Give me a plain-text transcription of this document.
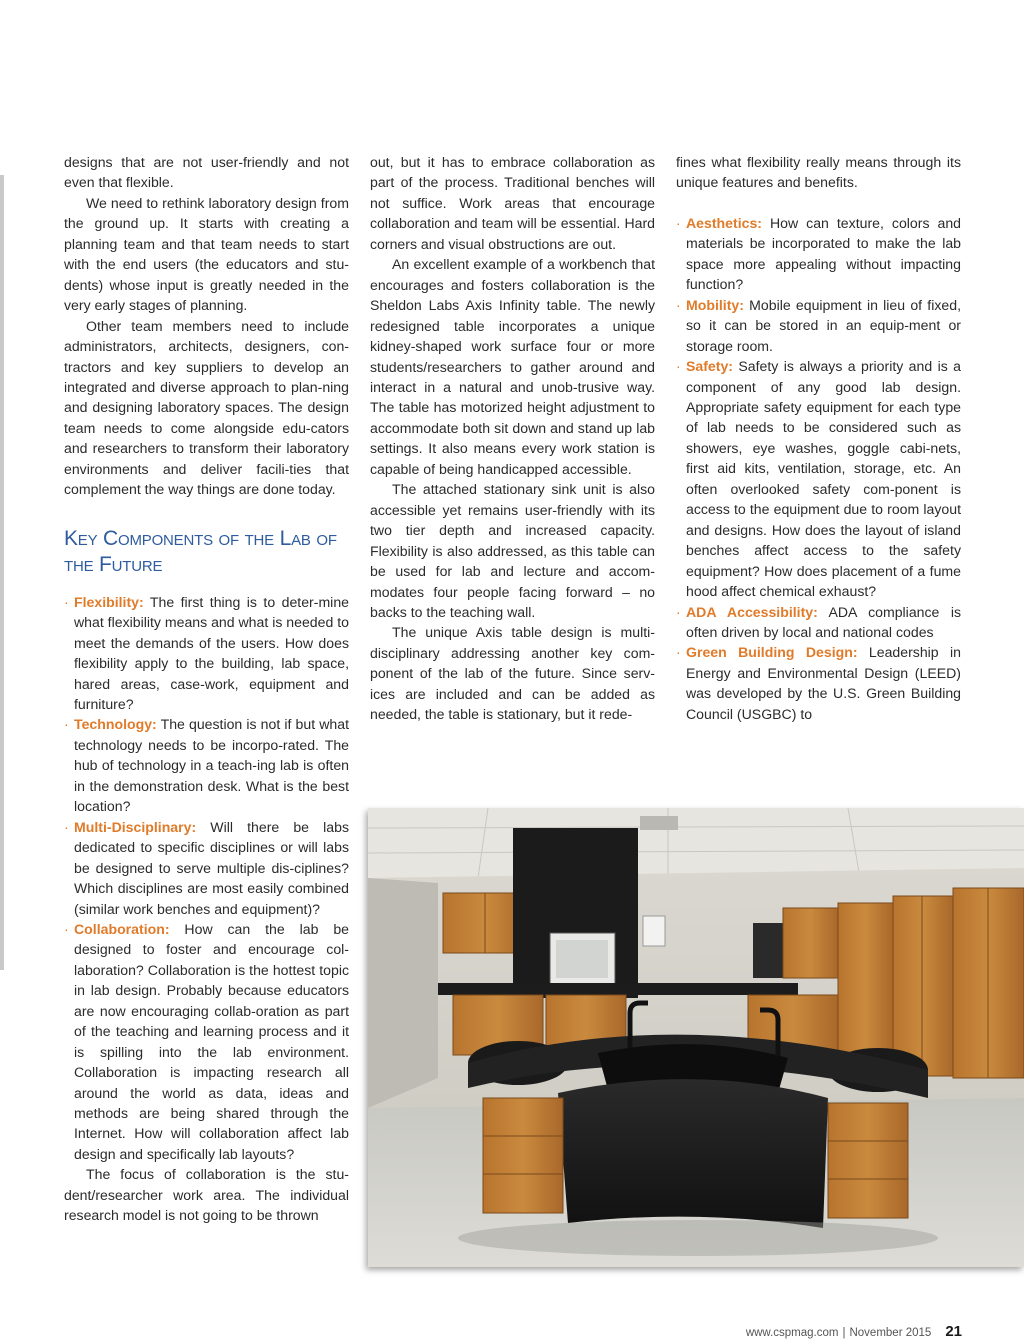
designs that are not user-friendly and not even that flexible.

We need to rethink laboratory design from the ground up. It starts with creating a planning team and that team needs to start with the end users (the educators and stu-dents) whose input is greatly needed in the very early stages of planning.

Other team members need to include administrators, architects, designers, con-tractors and key suppliers to develop an integrated and diverse approach to plan-ning and designing laboratory spaces. The design team needs to come alongside edu-cators and researchers to transform their laboratory environments and deliver facili-ties that complement the way things are done today.

Key Components of the Lab of the Future
· Flexibility: The first thing is to deter-mine what flexibility means and what is needed to meet the demands of the users. How does flexibility apply to the building, lab space, hared areas, case-work, equipment and furniture?
· Technology: The question is not if but what technology needs to be incorpo-rated. The hub of technology in a teach-ing lab is often in the demonstration desk. What is the best location?
· Multi-Disciplinary: Will there be labs dedicated to specific disciplines or will labs be designed to serve multiple dis-ciplines? Which disciplines are most easily combined (similar work benches and equipment)?
· Collaboration: How can the lab be designed to foster and encourage col-laboration? Collaboration is the hottest topic in lab design. Probably because educators are now encouraging collab-oration as part of the teaching and learning process and it is spilling into the lab environment. Collaboration is impacting research all around the world as data, ideas and methods are being shared through the Internet. How will collaboration affect lab design and specifically lab layouts?

The focus of collaboration is the stu-dent/researcher work area. The individual research model is not going to be thrown

out, but it has to embrace collaboration as part of the process. Traditional benches will not suffice. Work areas that encourage collaboration and team will be essential. Hard corners and visual obstructions are out.

An excellent example of a workbench that encourages and fosters collaboration is the Sheldon Labs Axis Infinity table. The newly redesigned table incorporates a unique kidney-shaped work surface four or more students/researchers to gather around and interact in a natural and unob-trusive way. The table has motorized height adjustment to accommodate both sit down and stand up lab settings. It also means every work station is capable of being handicapped accessible.

The attached stationary sink unit is also accessible yet remains user-friendly with its two tier depth and increased capacity. Flexibility is also addressed, as this table can be used for lab and lecture and accom-modates four people facing forward – no backs to the teaching wall.

The unique Axis table design is multi-disciplinary addressing another key com-ponent of the lab of the future. Since serv-ices are included and can be added as needed, the table is stationary, but it rede-

fines what flexibility really means through its unique features and benefits.

· Aesthetics: How can texture, colors and materials be incorporated to make the lab space more appealing without impacting function?
· Mobility: Mobile equipment in lieu of fixed, so it can be stored in an equip-ment or storage room.
· Safety: Safety is always a priority and is a component of any good lab design. Appropriate safety equipment for each type of lab needs to be considered such as showers, eye washes, goggle cabi-nets, first aid kits, ventilation, storage, etc. An often overlooked safety com-ponent is access to the equipment due to room layout and designs. How does the layout of island benches affect access to the safety equipment? How does placement of a fume hood affect chemical exhaust?
· ADA Accessibility: ADA compliance is often driven by local and national codes
· Green Building Design: Leadership in Energy and Environmental Design (LEED) was developed by the U.S. Green Building Council (USGBC) to
www.cspmag.com | November 2015 21
